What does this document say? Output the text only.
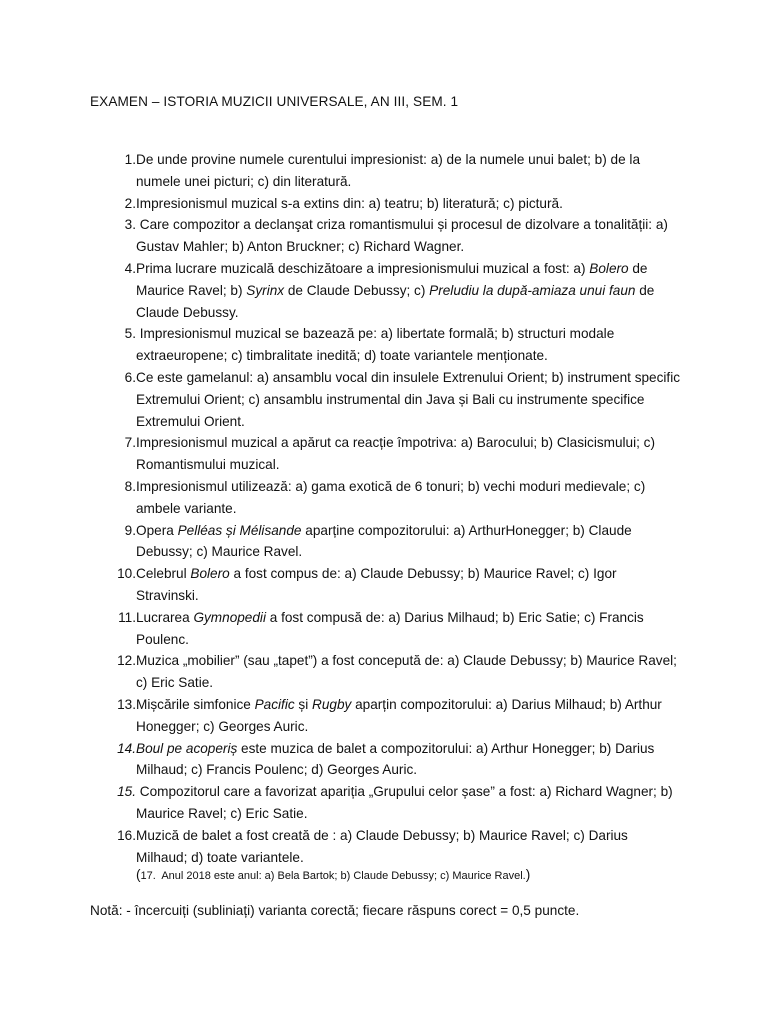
EXAMEN – ISTORIA MUZICII UNIVERSALE, AN III, SEM. 1
1. De unde provine numele curentului impresionist: a) de la numele unui balet; b) de la numele unei picturi; c) din literatură.
2. Impresionismul muzical s-a extins din: a) teatru; b) literatură; c) pictură.
3. Care compozitor a declanşat criza romantismului și procesul de dizolvare a tonalității: a) Gustav Mahler; b) Anton Bruckner; c) Richard Wagner.
4. Prima lucrare muzicală deschizătoare a impresionismului muzical a fost: a) Bolero de Maurice Ravel; b) Syrinx de Claude Debussy; c) Preludiu la după-amiaza unui faun de Claude Debussy.
5. Impresionismul muzical se bazează pe: a) libertate formală; b) structuri modale extraeuropene; c) timbralitate inedită; d) toate variantele menționate.
6. Ce este gamelanul: a) ansamblu vocal din insulele Extrenului Orient; b) instrument specific Extremului Orient; c) ansamblu instrumental din Java și Bali cu instrumente specifice Extremului Orient.
7. Impresionismul muzical a apărut ca reacție împotriva: a) Barocului; b) Clasicismului; c) Romantismului muzical.
8. Impresionismul utilizează: a) gama exotică de 6 tonuri; b) vechi moduri medievale; c) ambele variante.
9. Opera Pelléas și Mélisande aparține compozitorului: a) ArthurHonegger; b) Claude Debussy; c) Maurice Ravel.
10. Celebrul Bolero a fost compus de: a) Claude Debussy; b) Maurice Ravel; c) Igor Stravinski.
11. Lucrarea Gymnopedii a fost compusă de: a) Darius Milhaud; b) Eric Satie; c) Francis Poulenc.
12. Muzica „mobilier” (sau „tapet”) a fost concepută de: a) Claude Debussy; b) Maurice Ravel; c) Eric Satie.
13. Mișcările simfonice Pacific și Rugby aparțin compozitorului: a) Darius Milhaud; b) Arthur Honegger; c) Georges Auric.
14. Boul pe acoperiș este muzica de balet a compozitorului: a) Arthur Honegger; b) Darius Milhaud; c) Francis Poulenc; d) Georges Auric.
15. Compozitorul care a favorizat apariția „Grupului celor șase” a fost: a) Richard Wagner; b) Maurice Ravel; c) Eric Satie.
16. Muzică de balet a fost creată de : a) Claude Debussy; b) Maurice Ravel; c) Darius Milhaud; d) toate variantele.
(17.  Anul 2018 este anul: a) Bela Bartok; b) Claude Debussy; c) Maurice Ravel.)
Notă: - încercuiți (subliniați) varianta corectă; fiecare răspuns corect = 0,5 puncte.
